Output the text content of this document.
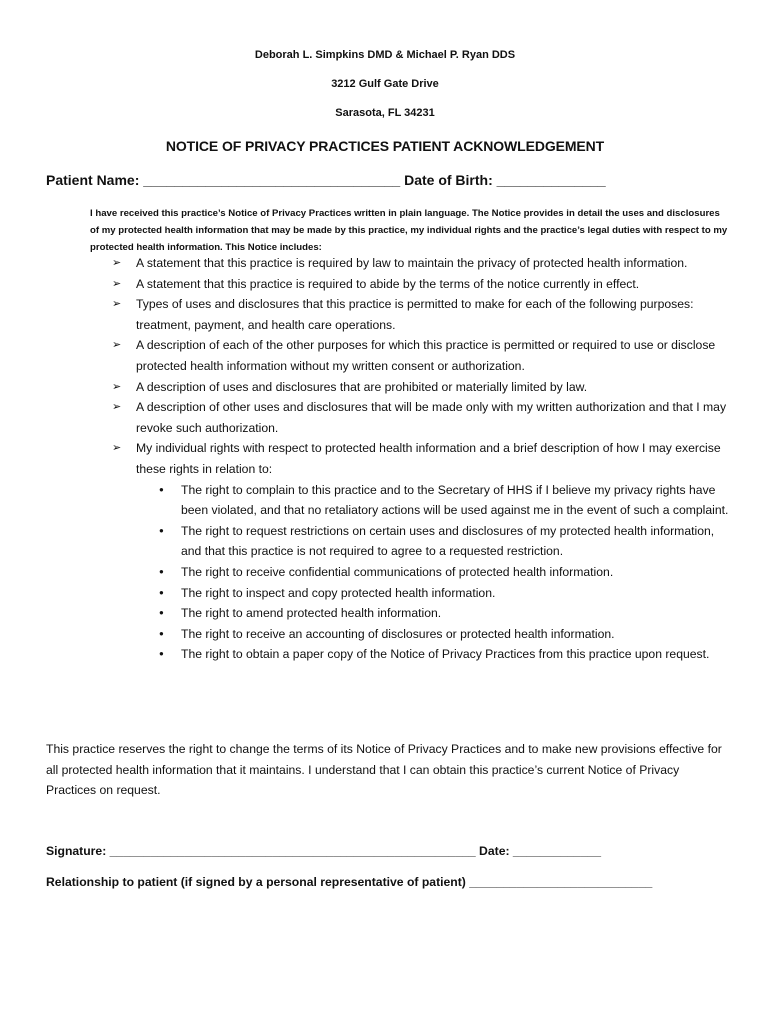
Deborah L. Simpkins DMD & Michael P. Ryan DDS
3212 Gulf Gate Drive
Sarasota, FL 34231
NOTICE OF PRIVACY PRACTICES PATIENT ACKNOWLEDGEMENT
Patient Name: _________________________________ Date of Birth: ______________
I have received this practice’s Notice of Privacy Practices written in plain language. The Notice provides in detail the uses and disclosures of my protected health information that may be made by this practice, my individual rights and the practice’s legal duties with respect to my protected health information. This Notice includes:
➢ A statement that this practice is required by law to maintain the privacy of protected health information.
➢ A statement that this practice is required to abide by the terms of the notice currently in effect.
➢ Types of uses and disclosures that this practice is permitted to make for each of the following purposes: treatment, payment, and health care operations.
➢ A description of each of the other purposes for which this practice is permitted or required to use or disclose protected health information without my written consent or authorization.
➢ A description of uses and disclosures that are prohibited or materially limited by law.
➢ A description of other uses and disclosures that will be made only with my written authorization and that I may revoke such authorization.
➢ My individual rights with respect to protected health information and a brief description of how I may exercise these rights in relation to:
● The right to complain to this practice and to the Secretary of HHS if I believe my privacy rights have been violated, and that no retaliatory actions will be used against me in the event of such a complaint.
● The right to request restrictions on certain uses and disclosures of my protected health information, and that this practice is not required to agree to a requested restriction.
● The right to receive confidential communications of protected health information.
● The right to inspect and copy protected health information.
● The right to amend protected health information.
● The right to receive an accounting of disclosures or protected health information.
● The right to obtain a paper copy of the Notice of Privacy Practices from this practice upon request.
This practice reserves the right to change the terms of its Notice of Privacy Practices and to make new provisions effective for all protected health information that it maintains. I understand that I can obtain this practice’s current Notice of Privacy Practices on request.
Signature: ______________________________________________________ Date: _____________
Relationship to patient (if signed by a personal representative of patient) ___________________________
